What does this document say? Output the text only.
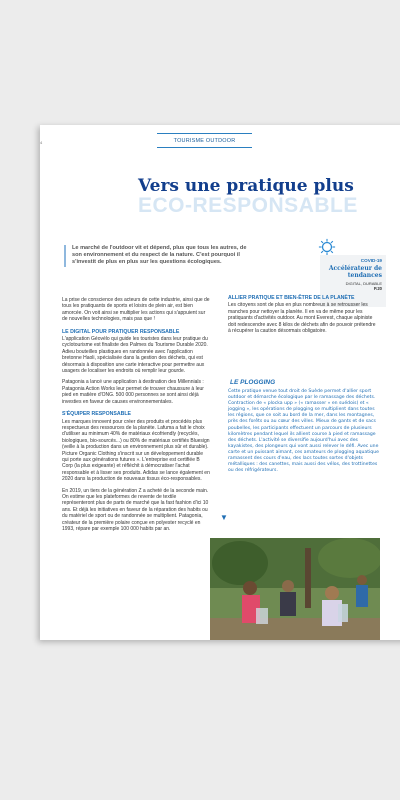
4	TOURISME OUTDOOR
ECO-RESPONSABLE
Vers une pratique plus
Le marché de l'outdoor vit et dépend, plus que tous les autres, de son environnement et du respect de la nature. C'est pourquoi il s'investit de plus en plus sur les questions écologiques.	COVID-19
Accélérateur de tendances
DIGITAL, DURABLE
P.20

La prise de conscience des acteurs de cette industrie, ainsi que de tous les pratiquants de sports et loisirs de plein air, est bien amorcée. On voit ainsi se multiplier les actions qui s'appuient sur de nouvelles technologies, mais pas que !

LE DIGITAL POUR PRATIQUER RESPONSABLE

L'application Géovélo qui guide les touristes dans leur pratique du cyclotourisme est finaliste des Palmes du Tourisme Durable 2020. Adieu bouteilles plastiques en randonnée avec l'application bretonne Haoli, spécialisée dans la gestion des déchets, qui est désormais à disposition une carte interactive pour permettre aux usagers de localiser les endroits où remplir leur gourde.

Patagonia a lancé une application à destination des Millennials : Patagonia Action Works leur permet de trouver chaussure à leur pied en matière d'ONG. 500 000 personnes se sont ainsi déjà investies en faveur de causes environnementales.

S'ÉQUIPER RESPONSABLE

Les marques innovent pour créer des produits et procédés plus respectueux des ressources de la planète. Lafuma a fait le choix d'utiliser au minimum 40% de matériaux écofriendly (recyclés, biologiques, bio-sourcés...) ou 80% de matériaux certifiés Bluesign (veille à la production dans un environnement plus sûr et durable). Picture Organic Clothing s'inscrit sur un développement durable qui porte aux générations futures ». L'entreprise est certifiée B Corp (la plus exigeante) et réfléchit à démocratiser l'achat responsable et à lisser ses produits. Adidas se lance également en 2020 dans la production de nouveaux tissus éco-responsables.

En 2019, un tiers de la génération Z a acheté de la seconde main. On estime que les plateformes de revente de textile représenteront plus de parts de marché que la fast fashion d'ici 10 ans. Et déjà les initiatives en faveur de la réparation des habits ou du matériel de sport ou de randonnée se multiplient. Patagonia, créateur de la première polaire conçue en polyester recyclé en 1993, répare par exemple 100 000 habits par an.

ALLIER PRATIQUE ET BIEN-ÊTRE DE LA PLANÈTE

Les citoyens sont de plus en plus nombreux à se retrousser les manches pour nettoyer la planète. Il en va de même pour les pratiquants d'activités outdoor. Au mont Everest, chaque alpiniste doit redescendre avec 8 kilos de déchets afin de pouvoir prétendre à récupérer la caution désormais obligatoire.

LE PLOGGING
Cette pratique venue tout droit de Suède permet d'allier sport outdoor et démarche écologique par le ramassage des déchets. Contraction de « plocka upp » (« ramasser » en suédois) et « jogging », les opérations de plogging se multiplient dans toutes les régions, que ce soit au bord de la mer, dans les montagnes, près des forêts ou au cœur des villes. Mieux de gants et de sacs poubelles, les participants effectuent un parcours de plusieurs kilomètres pendant lequel ils allient course à pied et ramassage des déchets. L'activité se diversifie aujourd'hui avec des kayakistes, des plongeurs qui vont aussi relever le défi. Avec une carte et un puissant aimant, ces amateurs de plogging aquatique ramassent des cours d'eau, des lacs toutes sortes d'objets métalliques : des canettes, mais aussi des vélos, des trottinettes ou des réfrigérateurs.
▼
